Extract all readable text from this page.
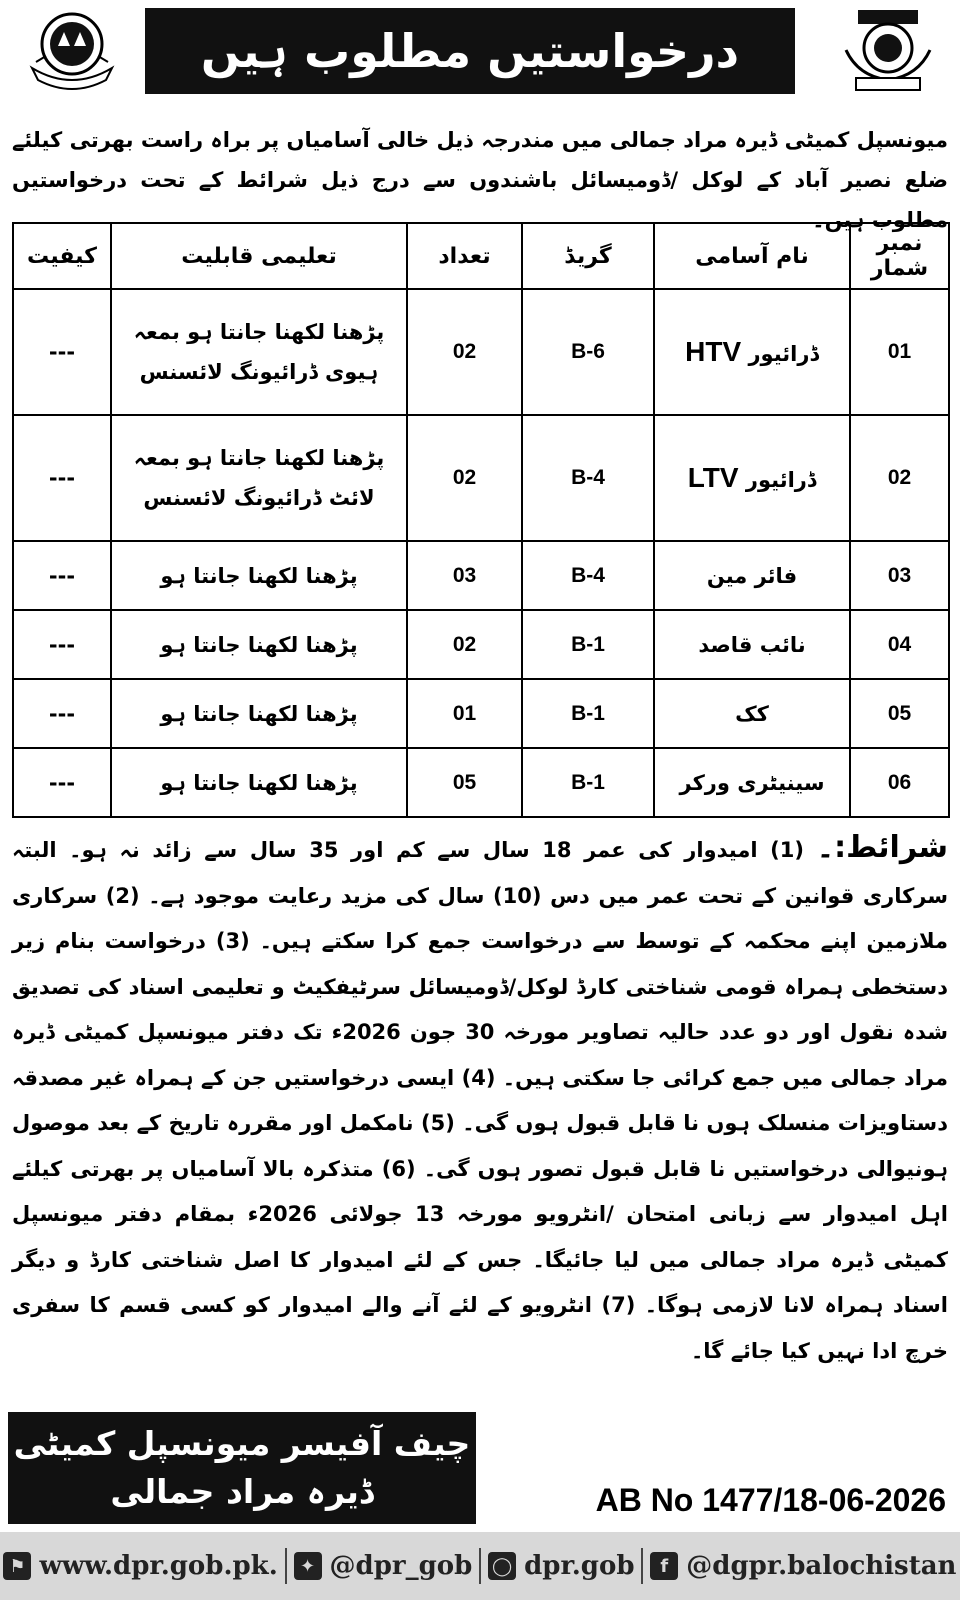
درخواستیں مطلوب ہیں
میونسپل کمیٹی ڈیرہ مراد جمالی میں مندرجہ ذیل خالی آسامیاں پر براہ راست بھرتی کیلئے ضلع نصیر آباد کے لوکل /ڈومیسائل باشندوں سے درج ذیل شرائط کے تحت درخواستیں مطلوب ہیں۔
نمبر شمار	نام آسامی	گریڈ	تعداد	تعلیمی قابلیت	کیفیت
01	ڈرائیور HTV	B-6	02	پڑھنا لکھنا جانتا ہو بمعہ ہیوی ڈرائیونگ لائسنس	---
02	ڈرائیور LTV	B-4	02	پڑھنا لکھنا جانتا ہو بمعہ لائٹ ڈرائیونگ لائسنس	---
03	فائر مین	B-4	03	پڑھنا لکھنا جانتا ہو	---
04	نائب قاصد	B-1	02	پڑھنا لکھنا جانتا ہو	---
05	کک	B-1	01	پڑھنا لکھنا جانتا ہو	---
06	سینیٹری ورکر	B-1	05	پڑھنا لکھنا جانتا ہو	---
شرائط:۔ (1) امیدوار کی عمر 18 سال سے کم اور 35 سال سے زائد نہ ہو۔ البتہ سرکاری قوانین کے تحت عمر میں دس (10) سال کی مزید رعایت موجود ہے۔ (2) سرکاری ملازمین اپنے محکمہ کے توسط سے درخواست جمع کرا سکتے ہیں۔ (3) درخواست بنام زیر دستخطی ہمراہ قومی شناختی کارڈ لوکل/ڈومیسائل سرٹیفکیٹ و تعلیمی اسناد کی تصدیق شدہ نقول اور دو عدد حالیہ تصاویر مورخہ 30 جون 2026ء تک دفتر میونسپل کمیٹی ڈیرہ مراد جمالی میں جمع کرائی جا سکتی ہیں۔ (4) ایسی درخواستیں جن کے ہمراہ غیر مصدقہ دستاویزات منسلک ہوں نا قابل قبول ہوں گی۔ (5) نامکمل اور مقررہ تاریخ کے بعد موصول ہونیوالی درخواستیں نا قابل قبول تصور ہوں گی۔ (6) متذکرہ بالا آسامیاں پر بھرتی کیلئے اہل امیدوار سے زبانی امتحان /انٹرویو مورخہ 13 جولائی 2026ء بمقام دفتر میونسپل کمیٹی ڈیرہ مراد جمالی میں لیا جائیگا۔ جس کے لئے امیدوار کا اصل شناختی کارڈ و دیگر اسناد ہمراہ لانا لازمی ہوگا۔ (7) انٹرویو کے لئے آنے والے امیدوار کو کسی قسم کا سفری خرچ ادا نہیں کیا جائے گا۔
چیف آفیسر میونسپل کمیٹی
ڈیرہ مراد جمالی	AB No 1477/18-06-2026
⚑ www.dpr.gob.pk.	✦ @dpr_gob ◯ dpr.gob	f @dgpr.balochistan
